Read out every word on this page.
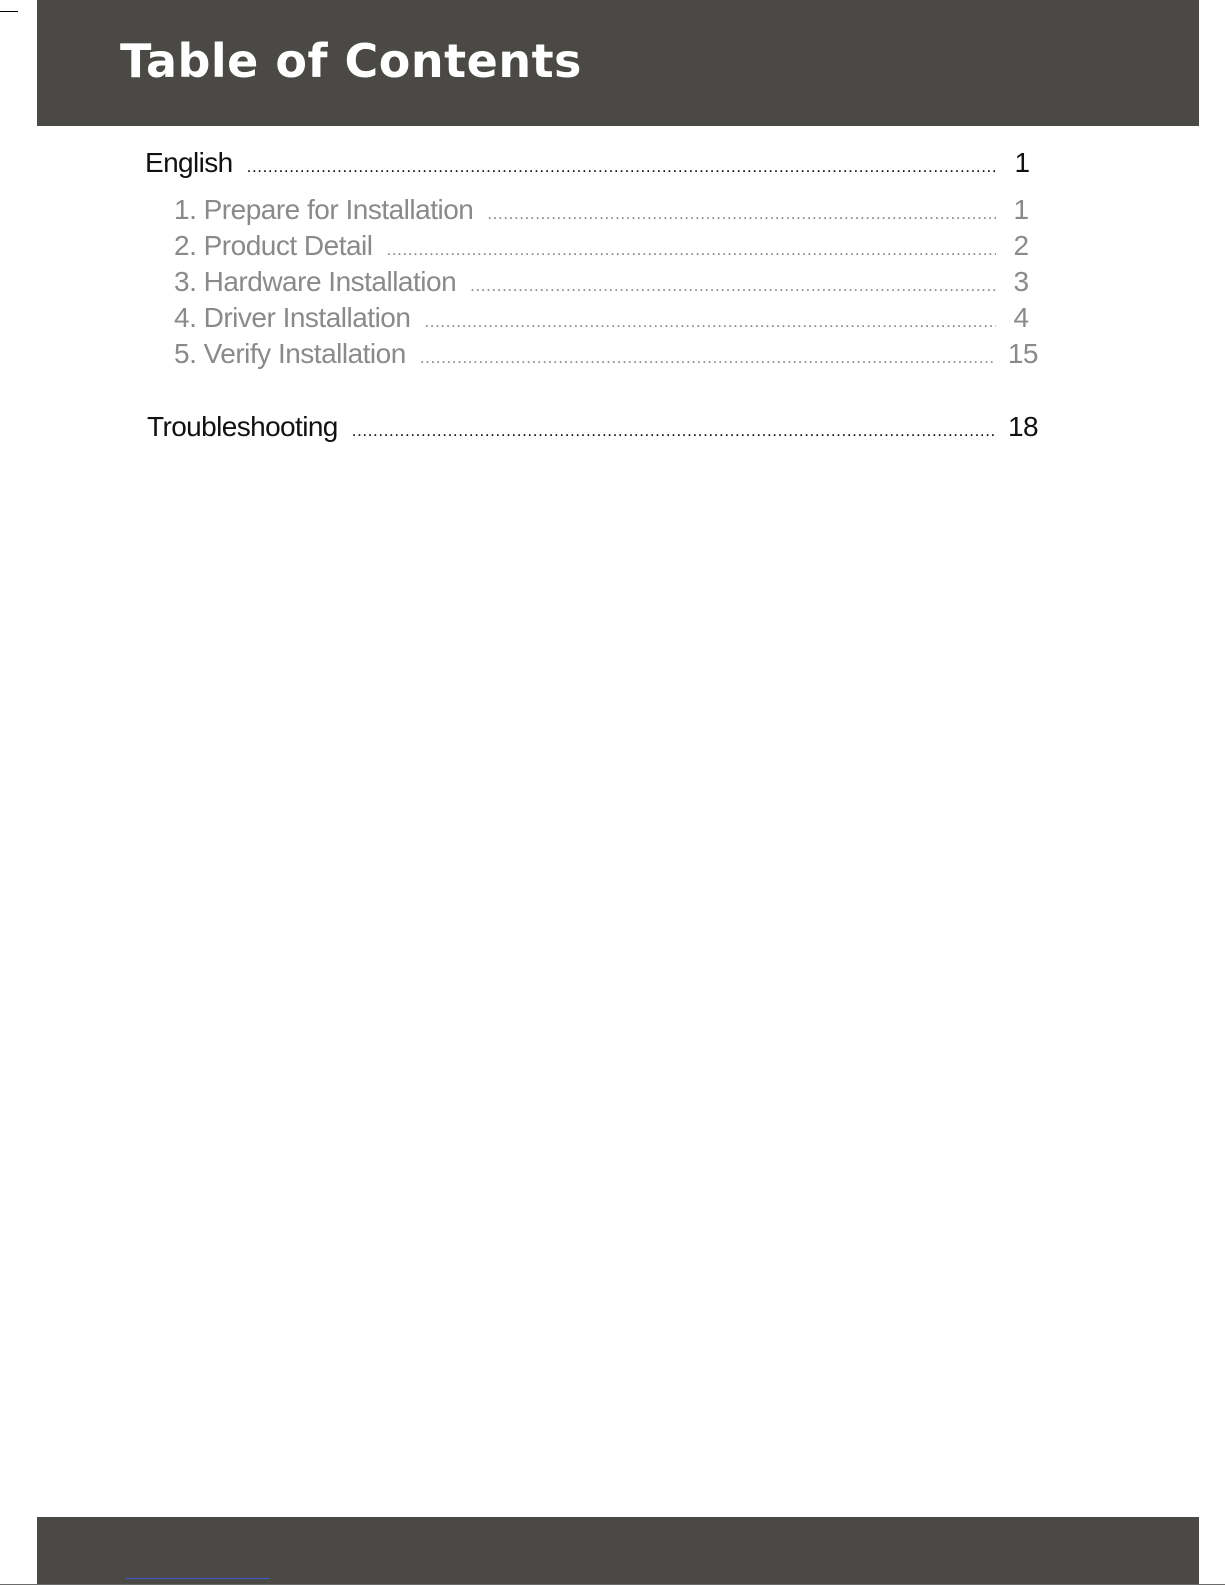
Table of Contents
English .....	1
1. Prepare for Installation .....	1
2. Product Detail .....	2
3. Hardware Installation .....	3
4. Driver Installation .....	4
5. Verify Installation .....	15
Troubleshooting .....	18
